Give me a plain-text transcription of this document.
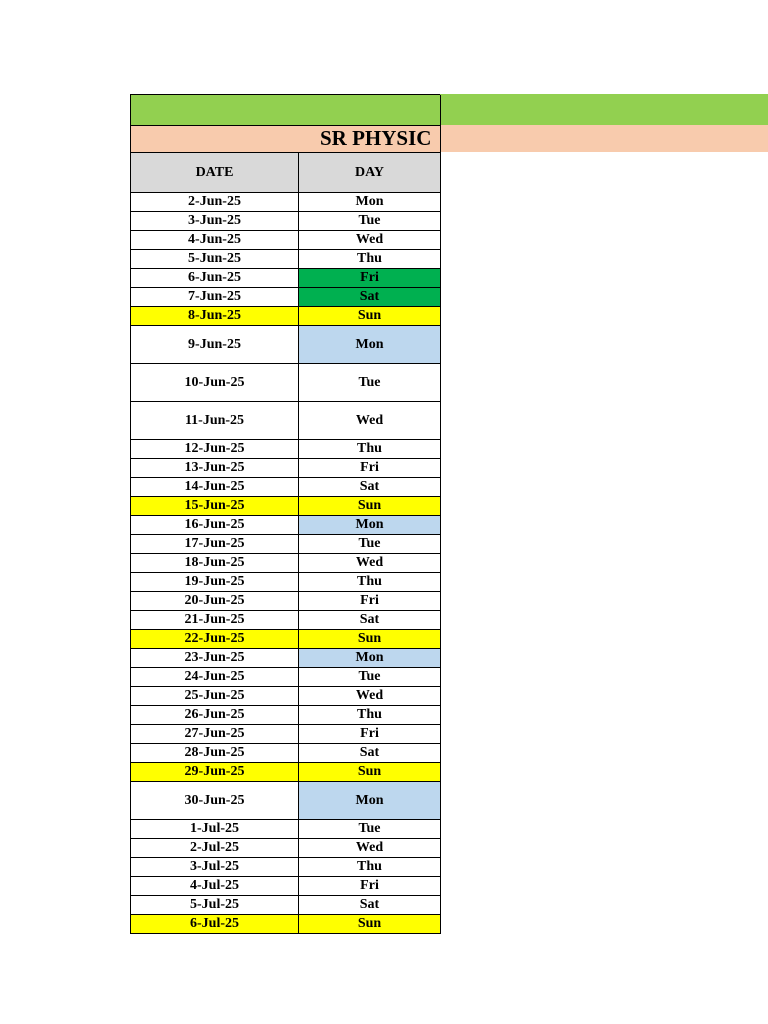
SR PHYSIC
DATE	DAY
2-Jun-25	Mon
3-Jun-25	Tue
4-Jun-25	Wed
5-Jun-25	Thu
6-Jun-25	Fri
7-Jun-25	Sat
8-Jun-25	Sun
9-Jun-25	Mon
10-Jun-25	Tue
11-Jun-25	Wed
12-Jun-25	Thu
13-Jun-25	Fri
14-Jun-25	Sat
15-Jun-25	Sun
16-Jun-25	Mon
17-Jun-25	Tue
18-Jun-25	Wed
19-Jun-25	Thu
20-Jun-25	Fri
21-Jun-25	Sat
22-Jun-25	Sun
23-Jun-25	Mon
24-Jun-25	Tue
25-Jun-25	Wed
26-Jun-25	Thu
27-Jun-25	Fri
28-Jun-25	Sat
29-Jun-25	Sun
30-Jun-25	Mon
1-Jul-25	Tue
2-Jul-25	Wed
3-Jul-25	Thu
4-Jul-25	Fri
5-Jul-25	Sat
6-Jul-25	Sun
